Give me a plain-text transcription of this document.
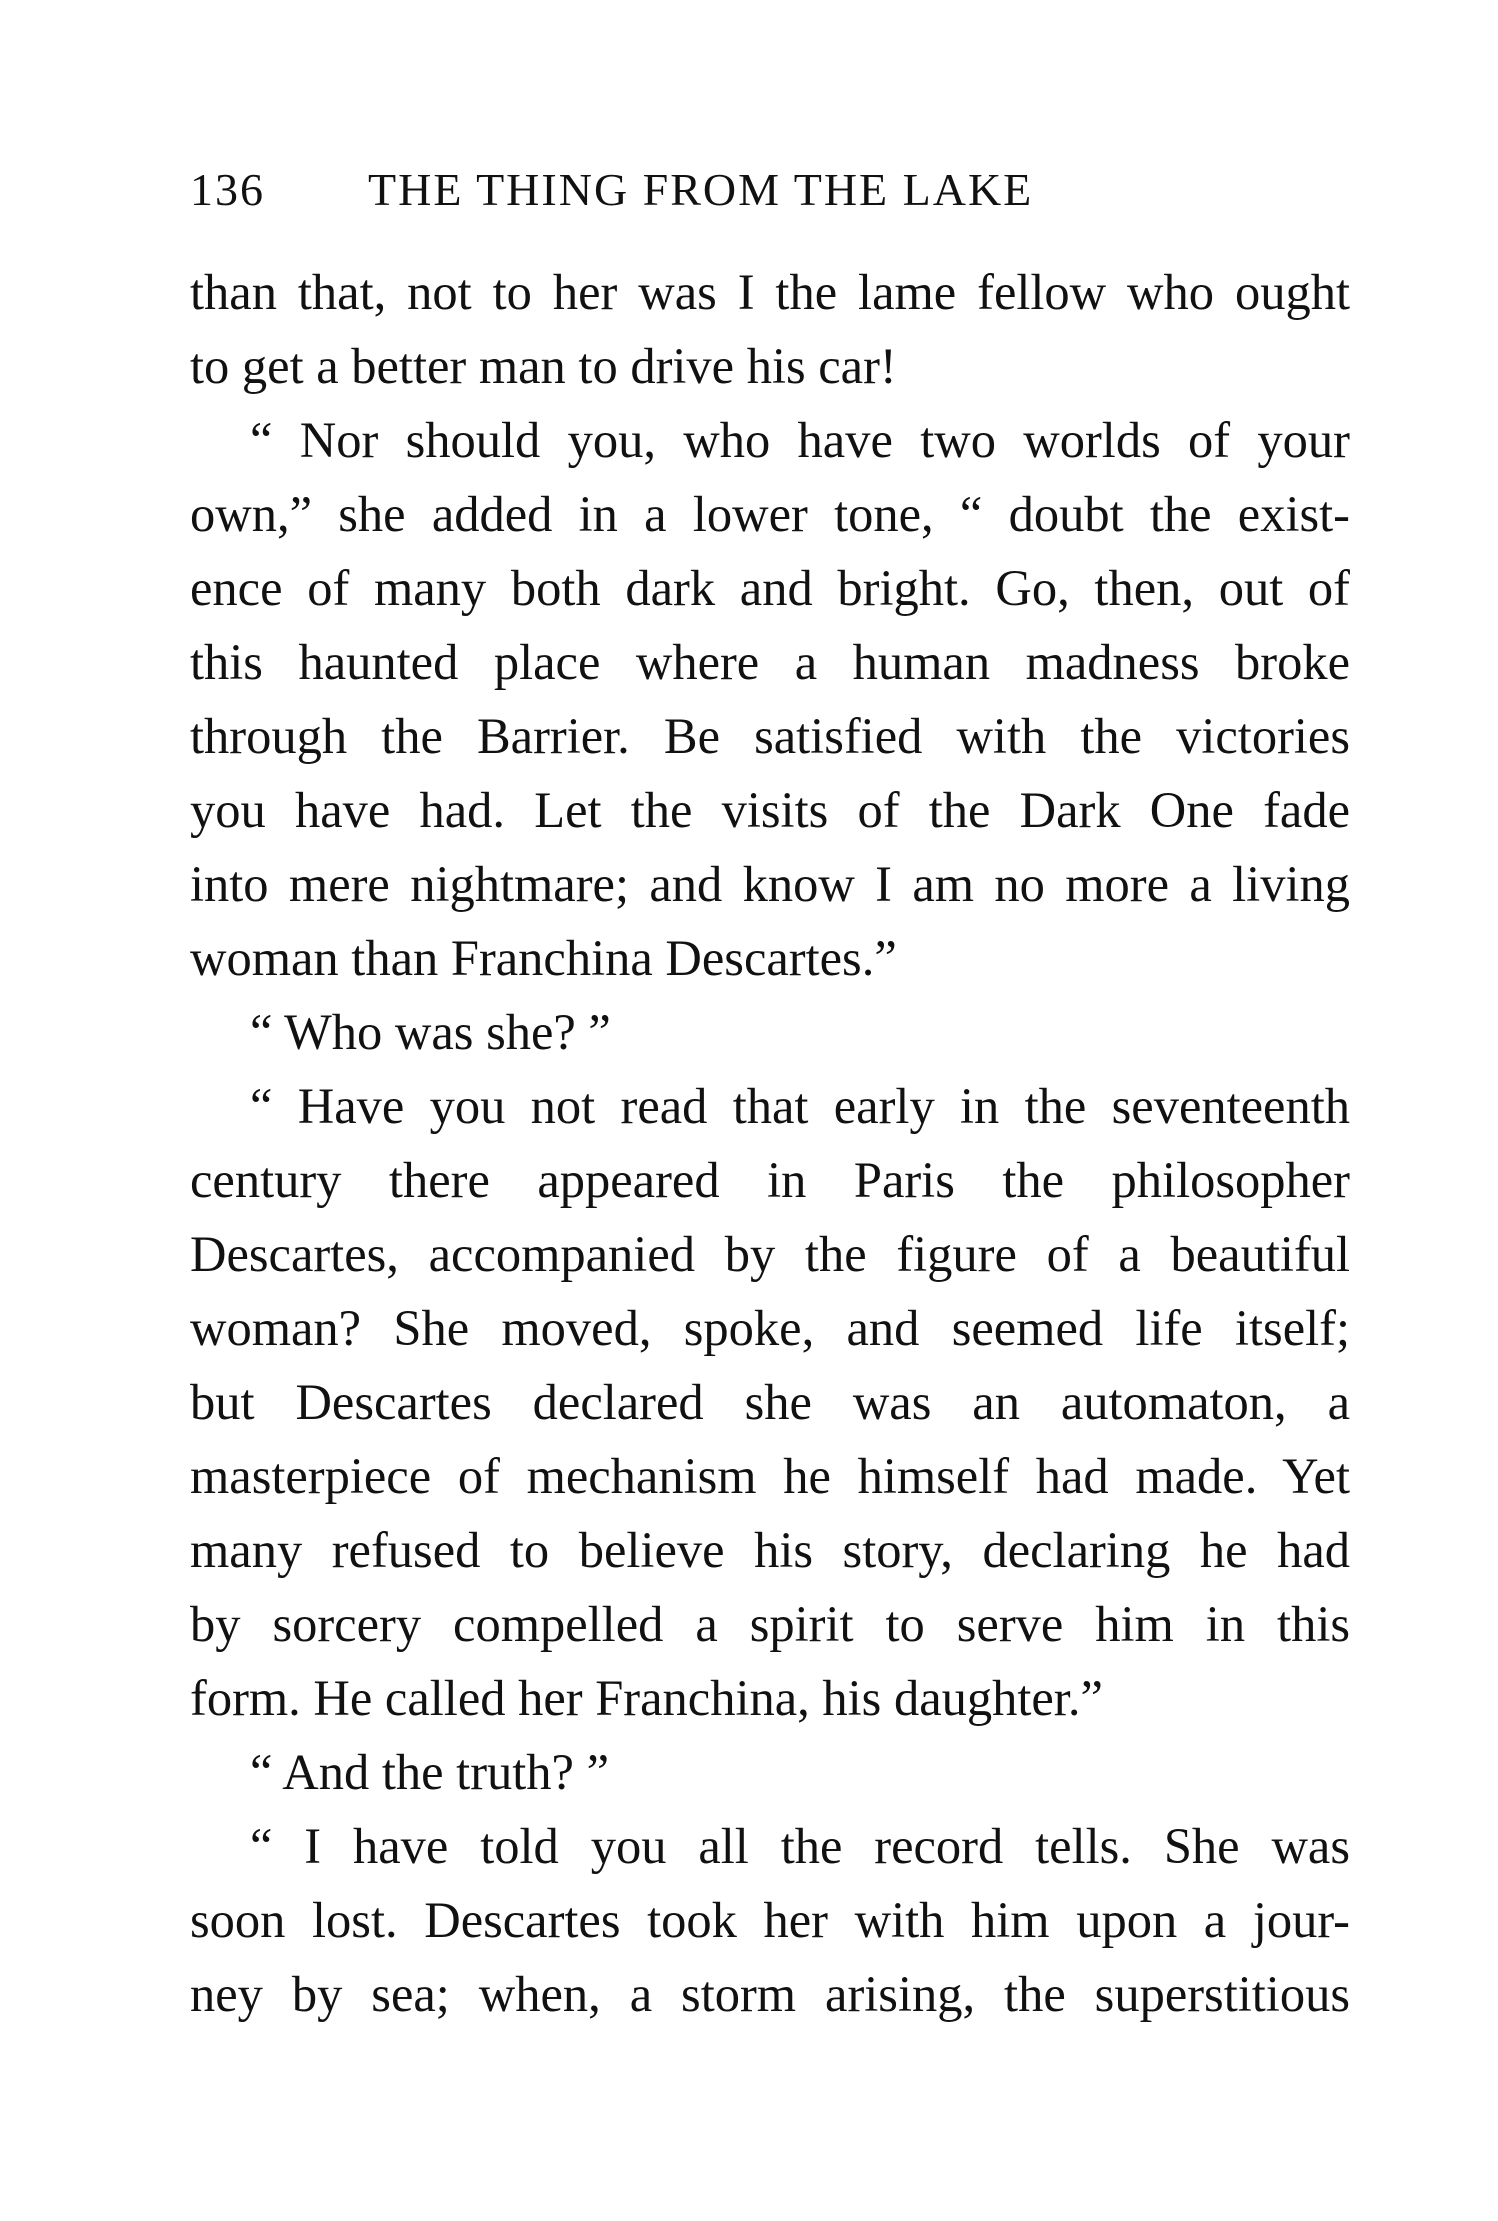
136 THE THING FROM THE LAKE
than that, not to her was I the lame fellow who ought
to get a better man to drive his car!
“ Nor should you, who have two worlds of your
own,” she added in a lower tone, “ doubt the exist-
ence of many both dark and bright. Go, then, out of
this haunted place where a human madness broke
through the Barrier. Be satisfied with the victories
you have had. Let the visits of the Dark One fade
into mere nightmare; and know I am no more a living
woman than Franchina Descartes.”
“ Who was she? ”
“ Have you not read that early in the seventeenth
century there appeared in Paris the philosopher
Descartes, accompanied by the figure of a beautiful
woman? She moved, spoke, and seemed life itself;
but Descartes declared she was an automaton, a
masterpiece of mechanism he himself had made. Yet
many refused to believe his story, declaring he had
by sorcery compelled a spirit to serve him in this
form. He called her Franchina, his daughter.”
“ And the truth? ”
“ I have told you all the record tells. She was
soon lost. Descartes took her with him upon a jour-
ney by sea; when, a storm arising, the superstitious
